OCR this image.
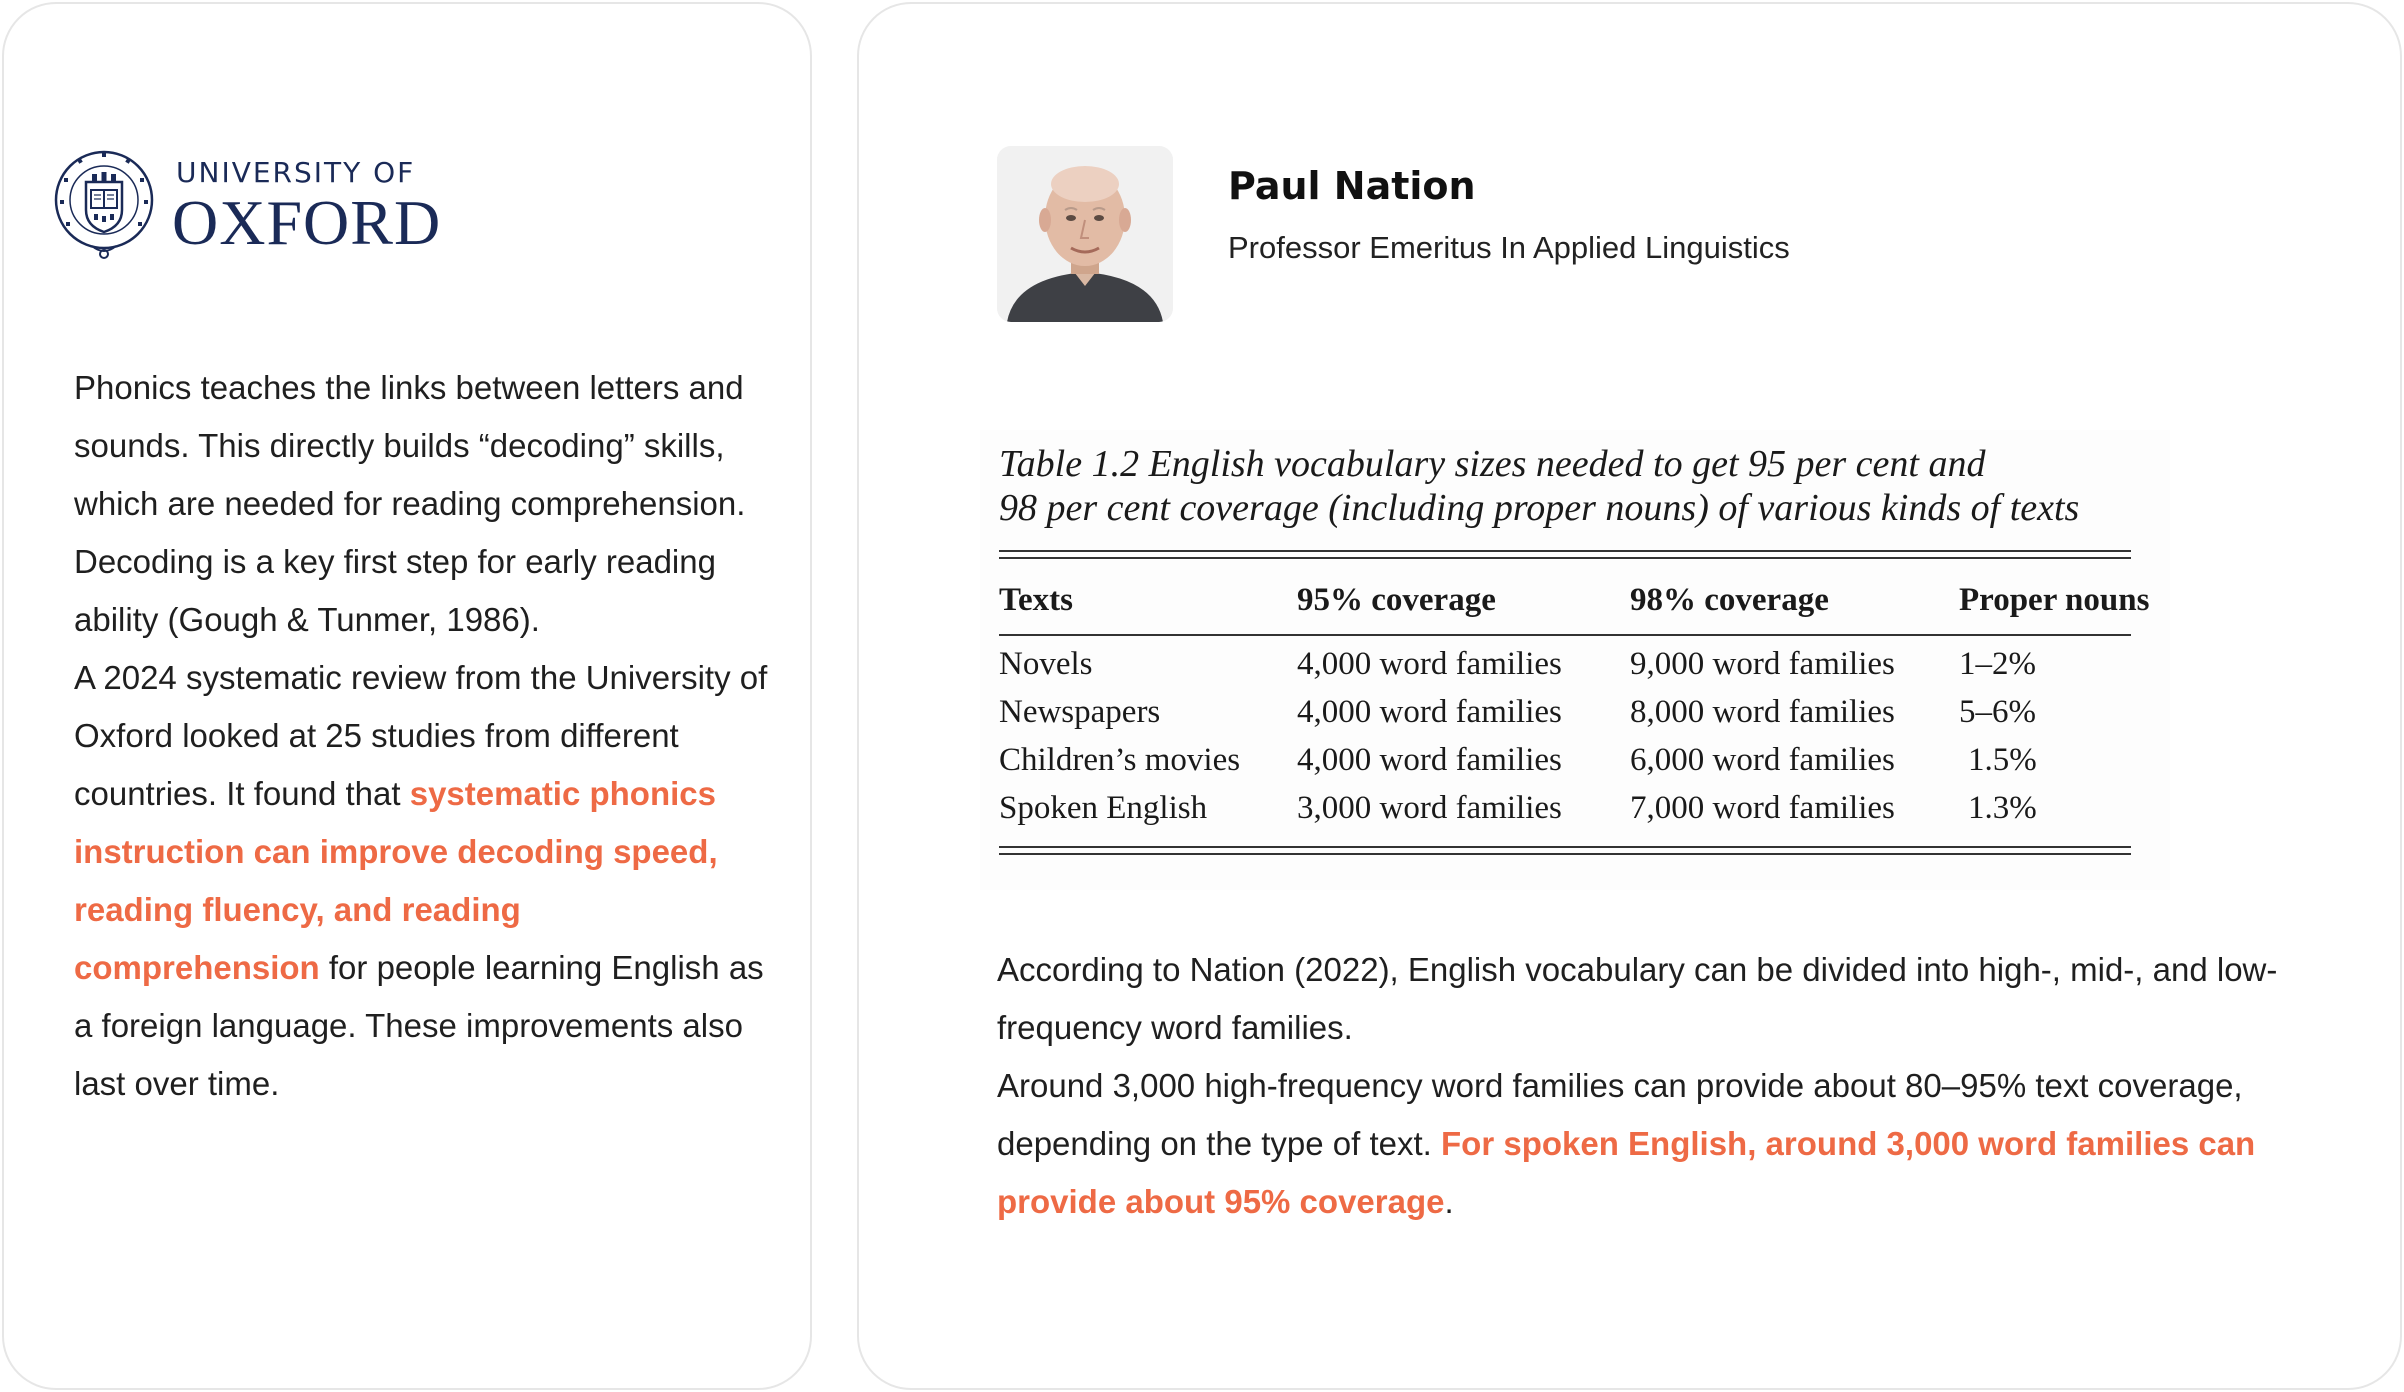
UNIVERSITY OF
OXFORD

Phonics teaches the links between letters and sounds. This directly builds “decoding” skills, which are needed for reading comprehension. Decoding is a key first step for early reading ability (Gough & Tunmer, 1986).

A 2024 systematic review from the University of Oxford looked at 25 studies from different countries. It found that systematic phonics instruction can improve decoding speed, reading fluency, and reading comprehension for people learning English as a foreign language. These improvements also last over time.

Paul Nation
Professor Emeritus In Applied Linguistics
Table 1.2 English vocabulary sizes needed to get 95 per cent and
98 per cent coverage (including proper nouns) of various kinds of texts
Texts	95% coverage	98% coverage	Proper nouns
Novels	4,000 word families 9,000 word families 1–2%
Newspapers	4,000 word families 8,000 word families 5–6%
Children’s movies 4,000 word families 6,000 word families 1.5%
Spoken English	3,000 word families 7,000 word families 1.3%

According to Nation (2022), English vocabulary can be divided into high-, mid-, and low-frequency word families.

Around 3,000 high-frequency word families can provide about 80–95% text coverage, depending on the type of text. For spoken English, around 3,000 word families can provide about 95% coverage.
